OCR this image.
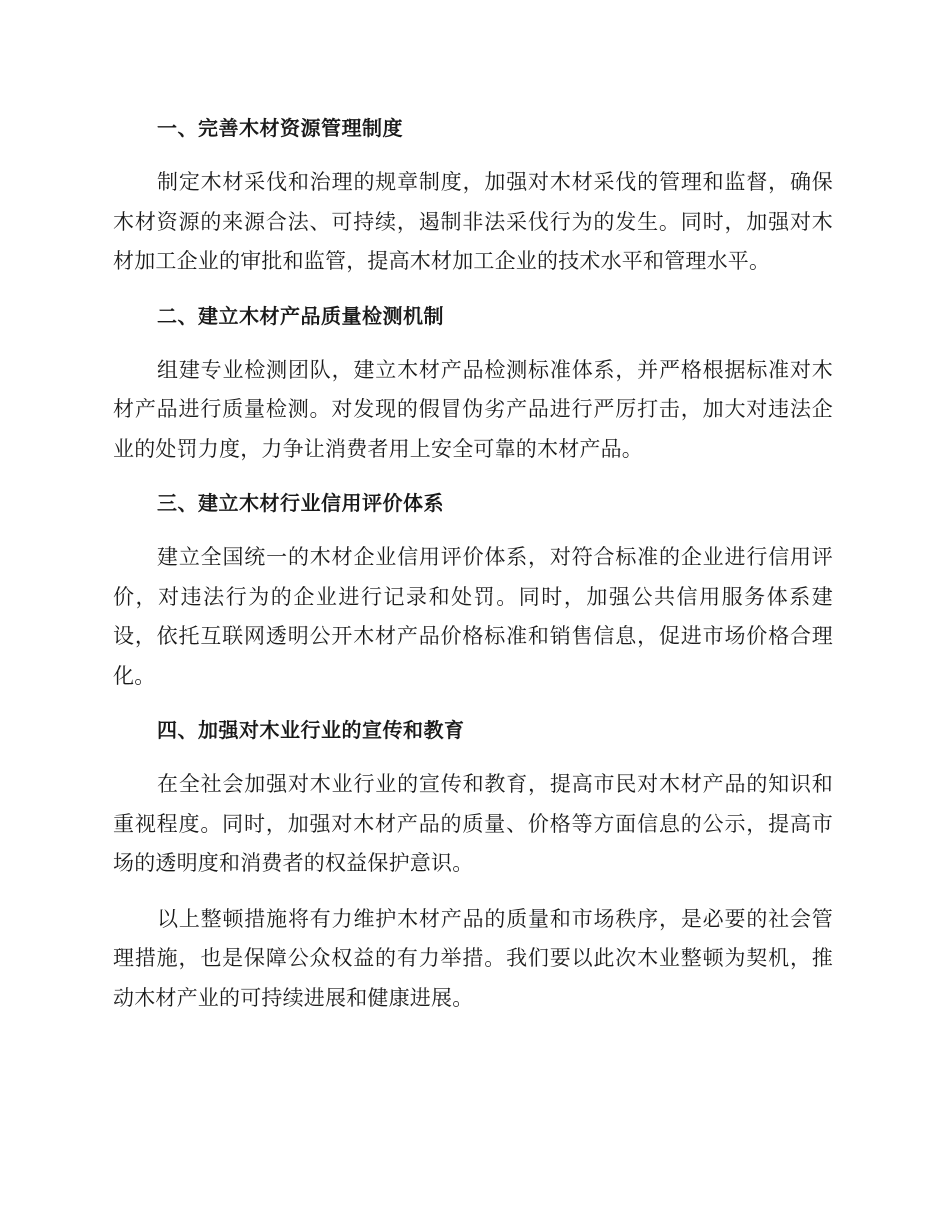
一、完善木材资源管理制度

制定木材采伐和治理的规章制度，加强对木材采伐的管理和监督，确保木材资源的来源合法、可持续，遏制非法采伐行为的发生。同时，加强对木材加工企业的审批和监管，提高木材加工企业的技术水平和管理水平。

二、建立木材产品质量检测机制

组建专业检测团队，建立木材产品检测标准体系，并严格根据标准对木材产品进行质量检测。对发现的假冒伪劣产品进行严厉打击，加大对违法企业的处罚力度，力争让消费者用上安全可靠的木材产品。

三、建立木材行业信用评价体系

建立全国统一的木材企业信用评价体系，对符合标准的企业进行信用评价，对违法行为的企业进行记录和处罚。同时，加强公共信用服务体系建设，依托互联网透明公开木材产品价格标准和销售信息，促进市场价格合理化。

四、加强对木业行业的宣传和教育

在全社会加强对木业行业的宣传和教育，提高市民对木材产品的知识和重视程度。同时，加强对木材产品的质量、价格等方面信息的公示，提高市场的透明度和消费者的权益保护意识。

以上整顿措施将有力维护木材产品的质量和市场秩序，是必要的社会管理措施，也是保障公众权益的有力举措。我们要以此次木业整顿为契机，推动木材产业的可持续进展和健康进展。
